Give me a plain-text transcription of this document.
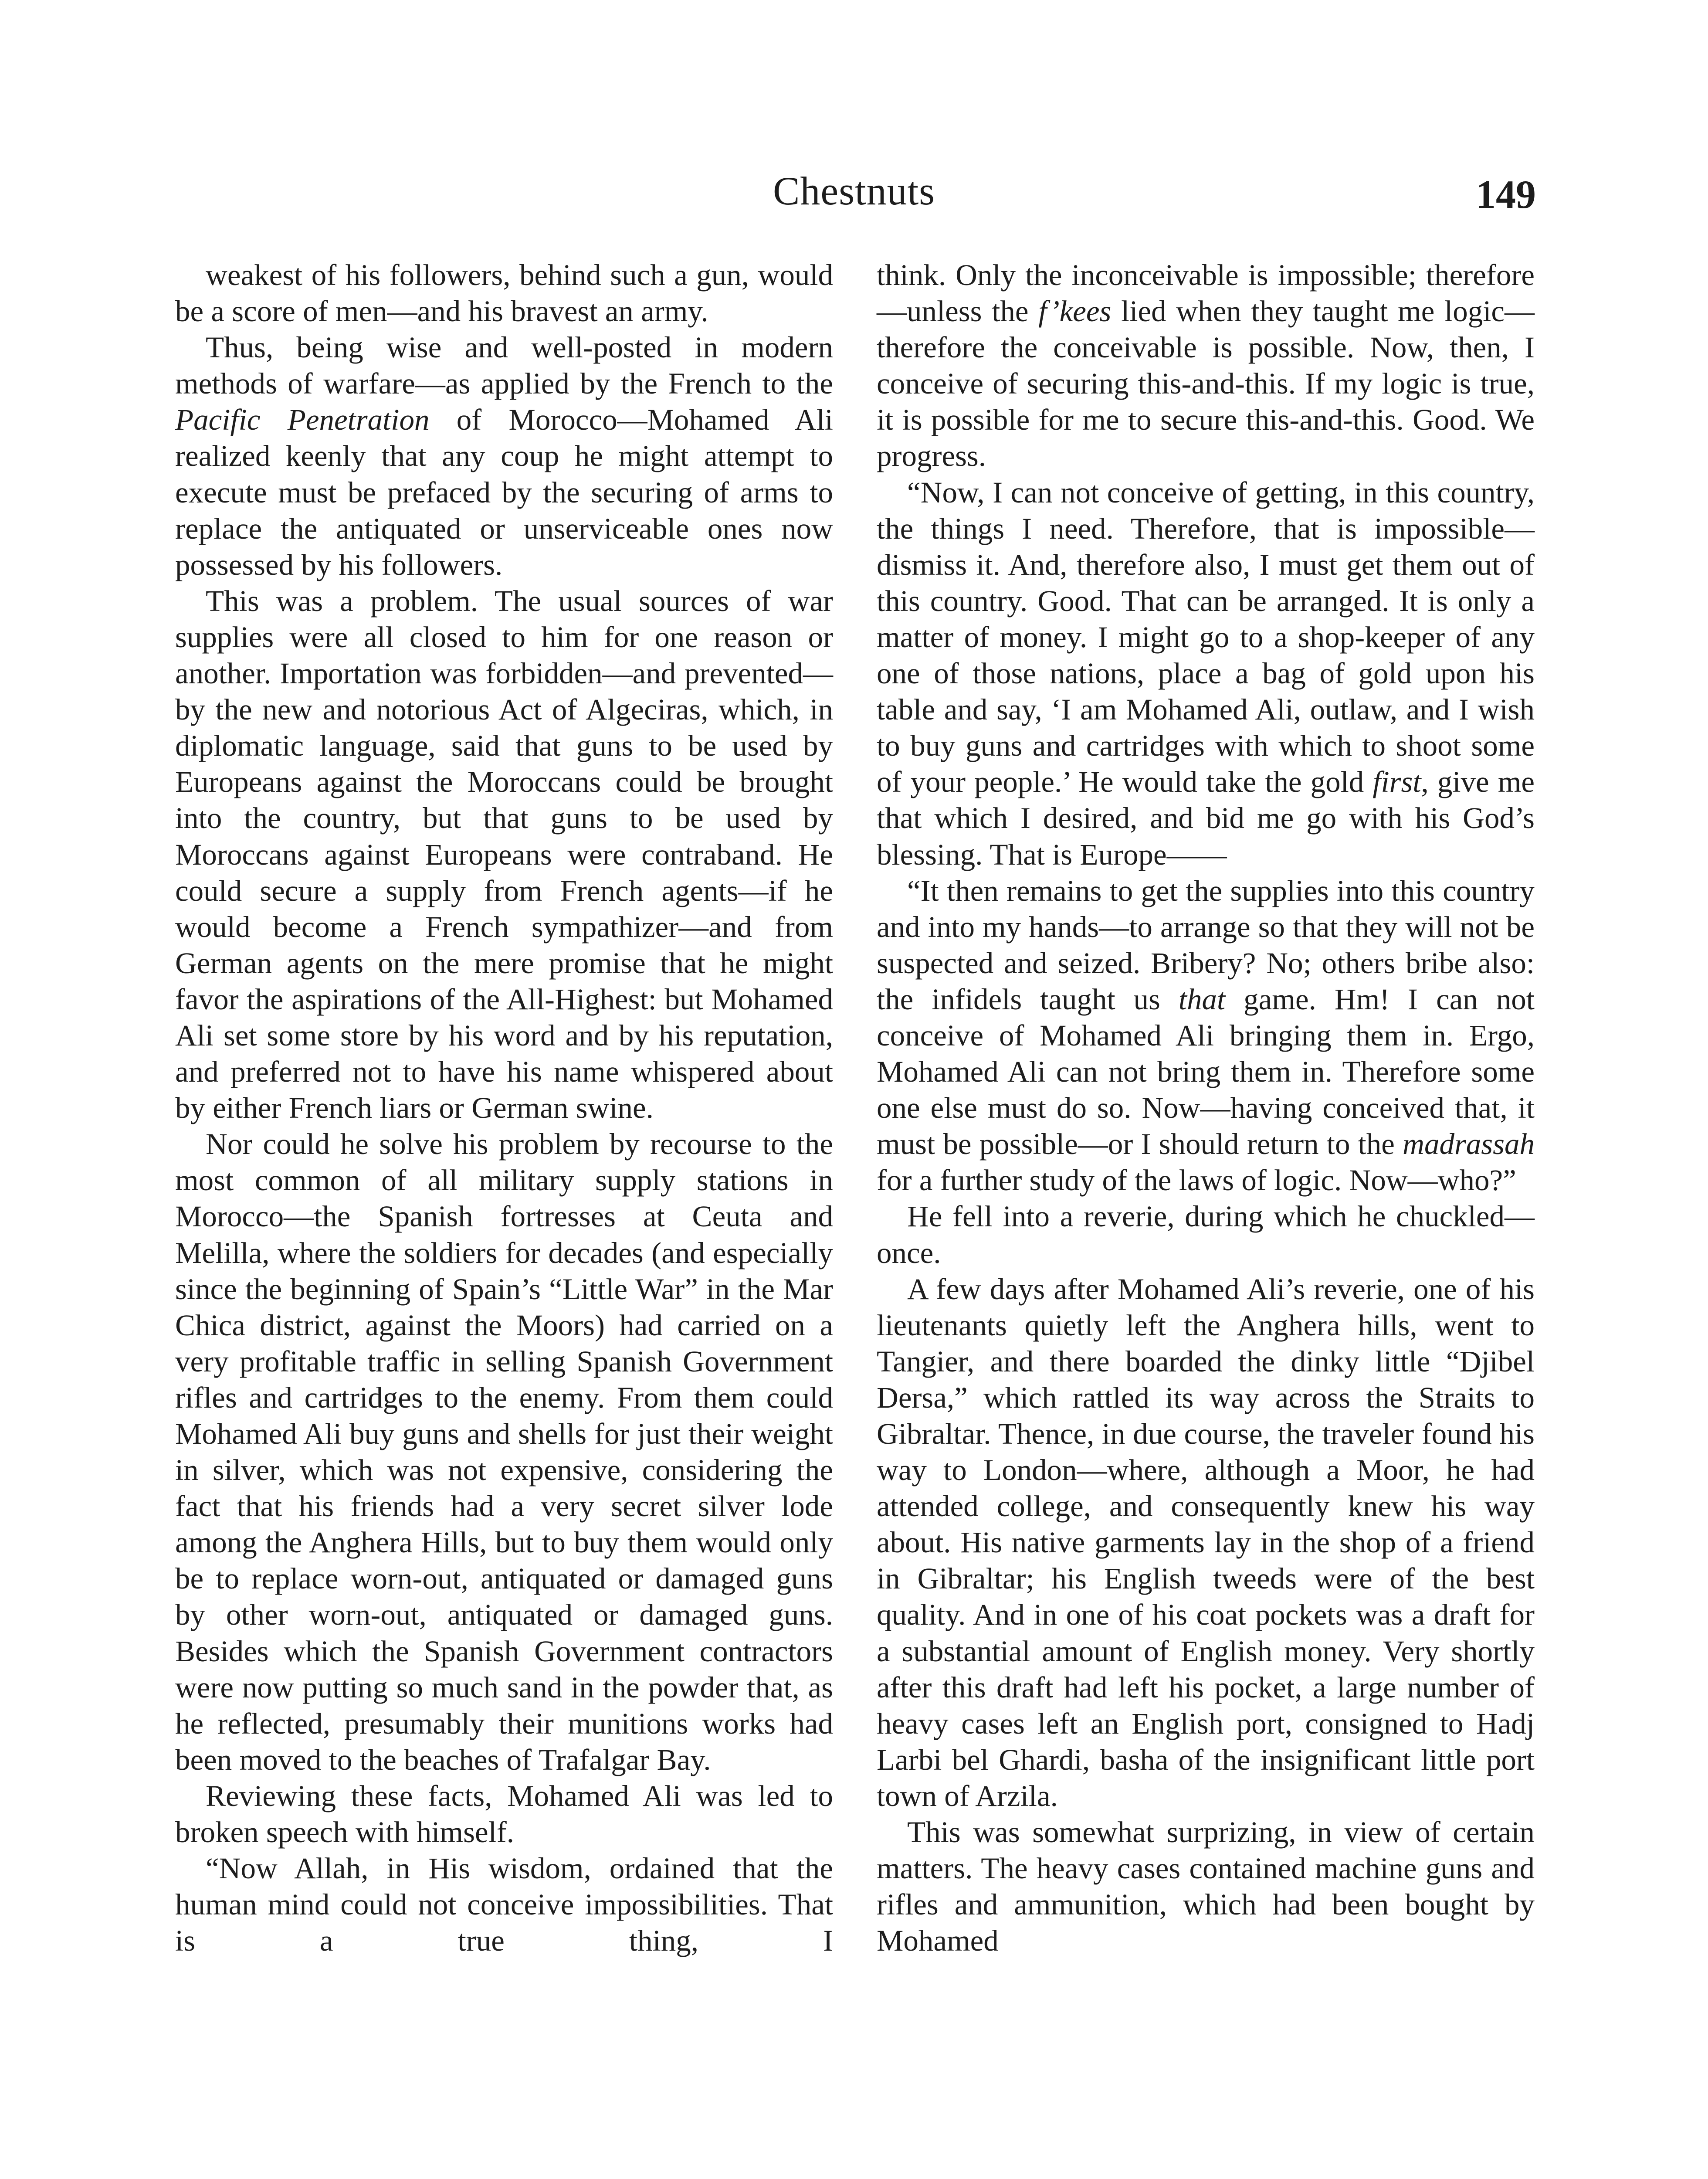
Chestnuts	149

weakest of his followers, behind such a gun, would be a score of men—and his bravest an army.

Thus, being wise and well-posted in modern methods of warfare—as applied by the French to the Pacific Penetration of Morocco—Mohamed Ali realized keenly that any coup he might attempt to execute must be prefaced by the securing of arms to replace the antiquated or unserviceable ones now possessed by his followers.

This was a problem. The usual sources of war supplies were all closed to him for one reason or another. Importation was forbidden—and prevented—by the new and notorious Act of Algeciras, which, in diplomatic language, said that guns to be used by Europeans against the Moroccans could be brought into the country, but that guns to be used by Moroccans against Europeans were contraband. He could secure a supply from French agents—if he would become a French sympathizer—and from German agents on the mere promise that he might favor the aspirations of the All-Highest: but Mohamed Ali set some store by his word and by his reputation, and preferred not to have his name whispered about by either French liars or German swine.

Nor could he solve his problem by recourse to the most common of all military supply stations in Morocco—the Spanish fortresses at Ceuta and Melilla, where the soldiers for decades (and especially since the beginning of Spain’s “Little War” in the Mar Chica district, against the Moors) had carried on a very profitable traffic in selling Spanish Government rifles and cartridges to the enemy. From them could Mohamed Ali buy guns and shells for just their weight in silver, which was not expensive, considering the fact that his friends had a very secret silver lode among the Anghera Hills, but to buy them would only be to replace worn-out, antiquated or damaged guns by other worn-out, antiquated or damaged guns. Besides which the Spanish Government contractors were now putting so much sand in the powder that, as he reflected, presumably their munitions works had been moved to the beaches of Trafalgar Bay.

Reviewing these facts, Mohamed Ali was led to broken speech with himself.

“Now Allah, in His wisdom, ordained that the human mind could not conceive impossibilities. That is a true thing, I

think. Only the inconceivable is impossible; therefore—unless the f’kees lied when they taught me logic—therefore the conceivable is possible. Now, then, I conceive of securing this-and-this. If my logic is true, it is possible for me to secure this-and-this. Good. We progress.

“Now, I can not conceive of getting, in this country, the things I need. Therefore, that is impossible—dismiss it. And, therefore also, I must get them out of this country. Good. That can be arranged. It is only a matter of money. I might go to a shop-keeper of any one of those nations, place a bag of gold upon his table and say, ‘I am Mohamed Ali, outlaw, and I wish to buy guns and cartridges with which to shoot some of your people.’ He would take the gold first, give me that which I desired, and bid me go with his God’s blessing. That is Europe——

“It then remains to get the supplies into this country and into my hands—to arrange so that they will not be suspected and seized. Bribery? No; others bribe also: the infidels taught us that game. Hm! I can not conceive of Mohamed Ali bringing them in. Ergo, Mohamed Ali can not bring them in. Therefore some one else must do so. Now—having conceived that, it must be possible—or I should return to the madrassah for a further study of the laws of logic. Now—who?”

He fell into a reverie, during which he chuckled—once.

A few days after Mohamed Ali’s reverie, one of his lieutenants quietly left the Anghera hills, went to Tangier, and there boarded the dinky little “Djibel Dersa,” which rattled its way across the Straits to Gibraltar. Thence, in due course, the traveler found his way to London—where, although a Moor, he had attended college, and consequently knew his way about. His native garments lay in the shop of a friend in Gibraltar; his English tweeds were of the best quality. And in one of his coat pockets was a draft for a substantial amount of English money. Very shortly after this draft had left his pocket, a large number of heavy cases left an English port, consigned to Hadj Larbi bel Ghardi, basha of the insignificant little port town of Arzila.

This was somewhat surprizing, in view of certain matters. The heavy cases contained machine guns and rifles and ammunition, which had been bought by Mohamed
